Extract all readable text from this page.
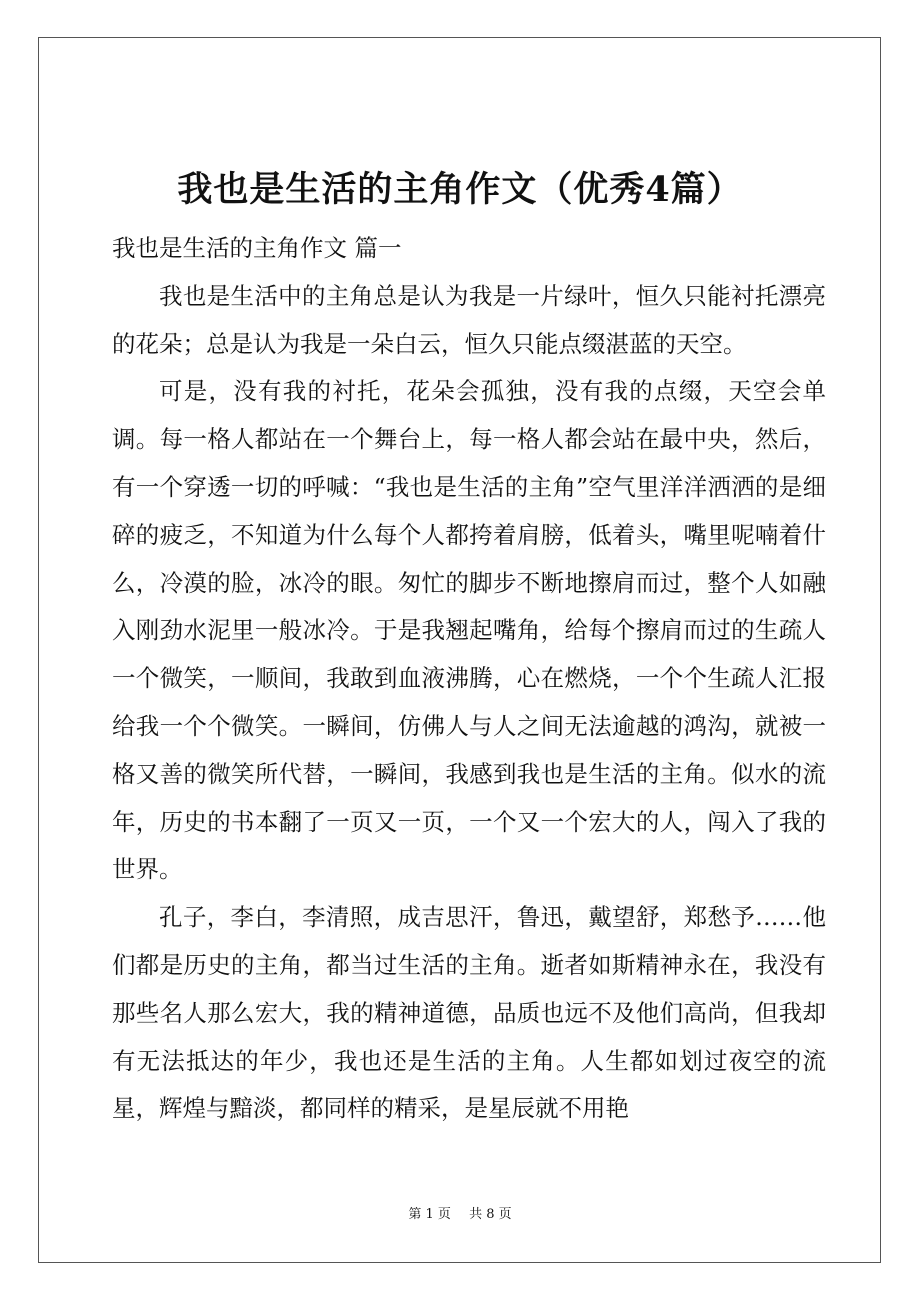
我也是生活的主角作文（优秀4篇）

我也是生活的主角作文 篇一

我也是生活中的主角总是认为我是一片绿叶，恒久只能衬托漂亮的花朵；总是认为我是一朵白云，恒久只能点缀湛蓝的天空。

可是，没有我的衬托，花朵会孤独，没有我的点缀，天空会单调。每一格人都站在一个舞台上，每一格人都会站在最中央，然后，有一个穿透一切的呼喊：“我也是生活的主角”空气里洋洋洒洒的是细碎的疲乏，不知道为什么每个人都挎着肩膀，低着头，嘴里呢喃着什么，冷漠的脸，冰冷的眼。匆忙的脚步不断地擦肩而过，整个人如融入刚劲水泥里一般冰冷。于是我翘起嘴角，给每个擦肩而过的生疏人一个微笑，一顺间，我敢到血液沸腾，心在燃烧，一个个生疏人汇报给我一个个微笑。一瞬间，仿佛人与人之间无法逾越的鸿沟，就被一格又善的微笑所代替，一瞬间，我感到我也是生活的主角。似水的流年，历史的书本翻了一页又一页，一个又一个宏大的人，闯入了我的世界。

孔子，李白，李清照，成吉思汗，鲁迅，戴望舒，郑愁予……他们都是历史的主角，都当过生活的主角。逝者如斯精神永在，我没有那些名人那么宏大，我的精神道德，品质也远不及他们高尚，但我却有无法抵达的年少，我也还是生活的主角。人生都如划过夜空的流星，辉煌与黯淡，都同样的精采，是星辰就不用艳

第 1 页 共 8 页
